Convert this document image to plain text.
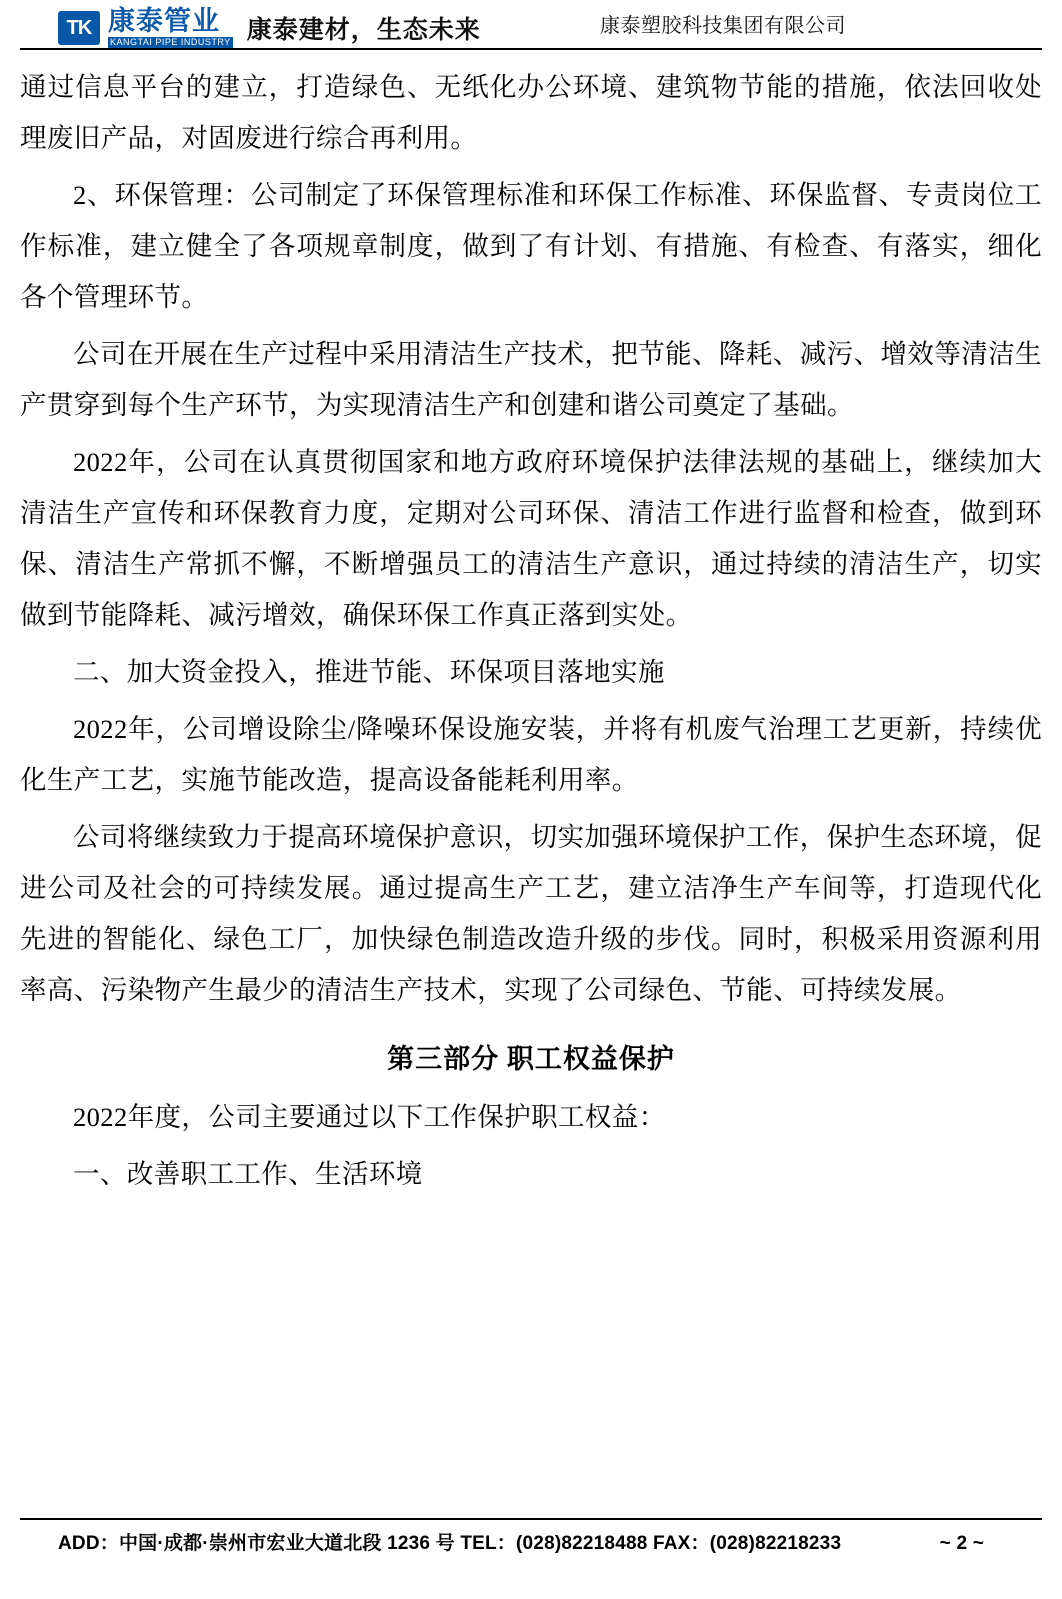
TK 康泰管业
KANGTAI PIPE INDUSTRY 康泰建材，生态未来	康泰塑胶科技集团有限公司

通过信息平台的建立，打造绿色、无纸化办公环境、建筑物节能的措施，依法回收处理废旧产品，对固废进行综合再利用。

2、环保管理：公司制定了环保管理标准和环保工作标准、环保监督、专责岗位工作标准，建立健全了各项规章制度，做到了有计划、有措施、有检查、有落实，细化各个管理环节。

公司在开展在生产过程中采用清洁生产技术，把节能、降耗、减污、增效等清洁生产贯穿到每个生产环节，为实现清洁生产和创建和谐公司奠定了基础。

2022年，公司在认真贯彻国家和地方政府环境保护法律法规的基础上，继续加大清洁生产宣传和环保教育力度，定期对公司环保、清洁工作进行监督和检查，做到环保、清洁生产常抓不懈，不断增强员工的清洁生产意识，通过持续的清洁生产，切实做到节能降耗、减污增效，确保环保工作真正落到实处。

二、加大资金投入，推进节能、环保项目落地实施

2022年，公司增设除尘/降噪环保设施安装，并将有机废气治理工艺更新，持续优化生产工艺，实施节能改造，提高设备能耗利用率。

公司将继续致力于提高环境保护意识，切实加强环境保护工作，保护生态环境，促进公司及社会的可持续发展。通过提高生产工艺，建立洁净生产车间等，打造现代化先进的智能化、绿色工厂，加快绿色制造改造升级的步伐。同时，积极采用资源利用率高、污染物产生最少的清洁生产技术，实现了公司绿色、节能、可持续发展。

第三部分 职工权益保护

2022年度，公司主要通过以下工作保护职工权益：

一、改善职工工作、生活环境

ADD：中国·成都·崇州市宏业大道北段 1236 号 TEL：(028)82218488 FAX：(028)82218233	~ 2 ~
